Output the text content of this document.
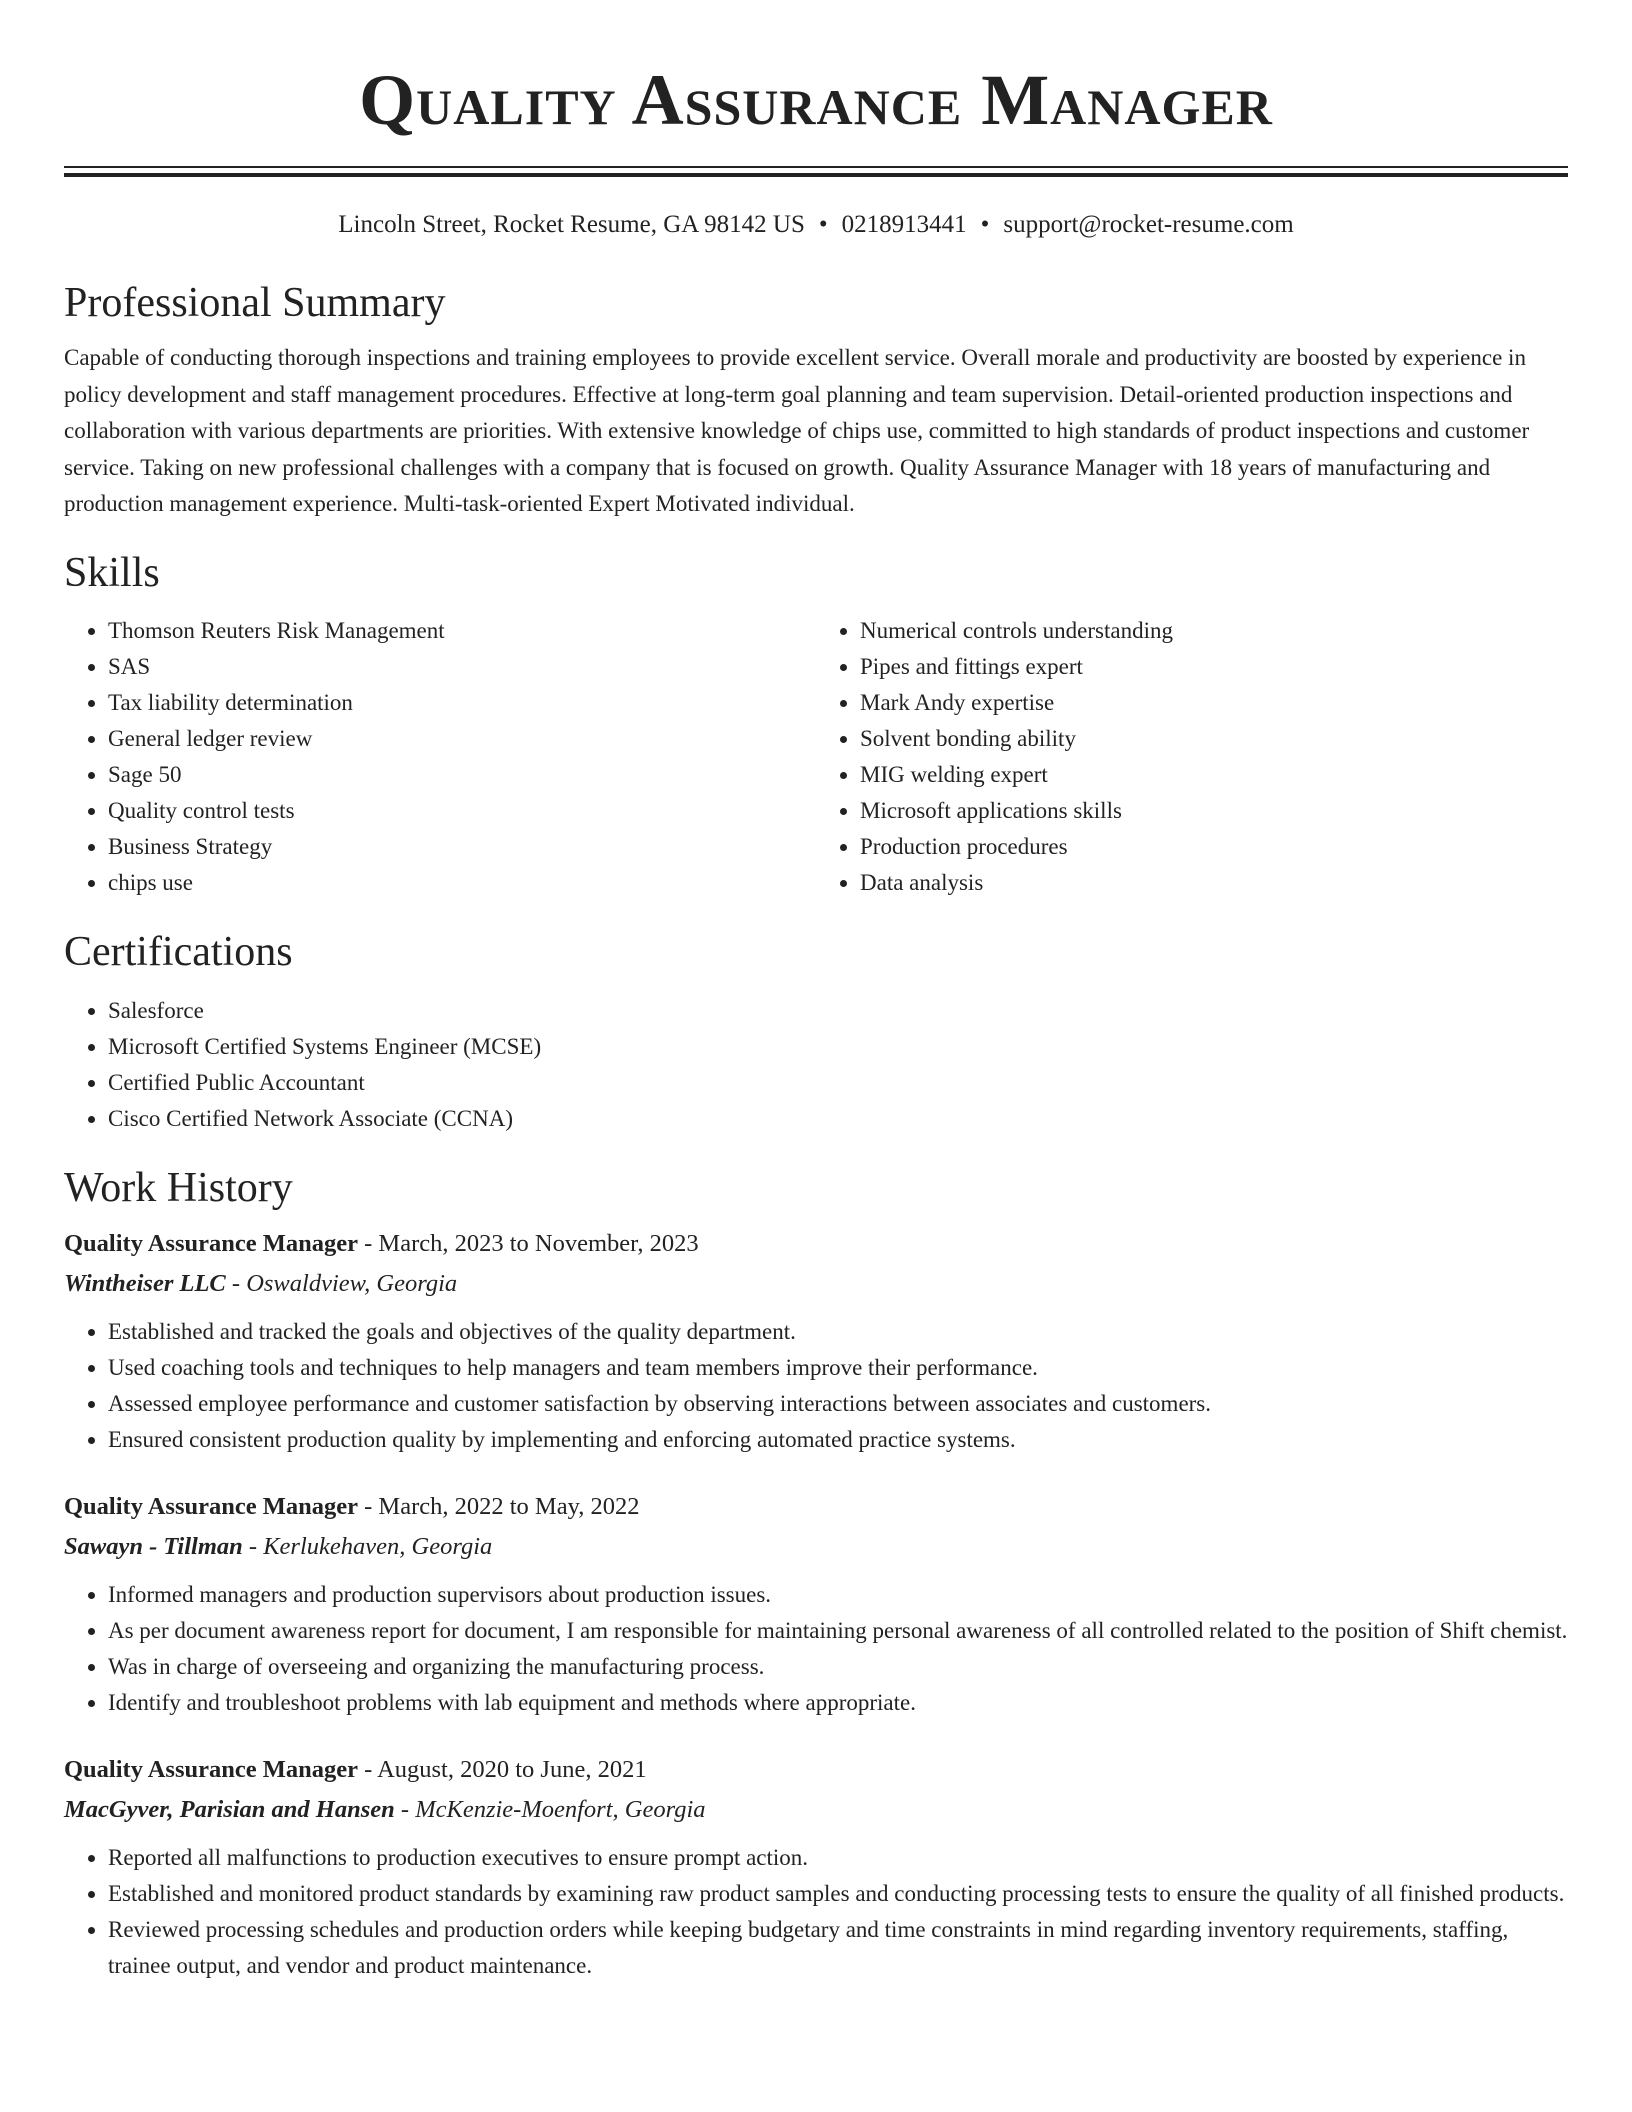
Quality Assurance Manager
Lincoln Street, Rocket Resume, GA 98142 US • 0218913441 • support@rocket-resume.com
Professional Summary

Capable of conducting thorough inspections and training employees to provide excellent service. Overall morale and productivity are boosted by experience in policy development and staff management procedures. Effective at long-term goal planning and team supervision. Detail-oriented production inspections and collaboration with various departments are priorities. With extensive knowledge of chips use, committed to high standards of product inspections and customer service. Taking on new professional challenges with a company that is focused on growth. Quality Assurance Manager with 18 years of manufacturing and production management experience. Multi-task-oriented Expert Motivated individual.

Skills
• Thomson Reuters Risk Management
• SAS
• Tax liability determination
• General ledger review
• Sage 50
• Quality control tests
• Business Strategy
• chips use
• Numerical controls understanding
• Pipes and fittings expert
• Mark Andy expertise
• Solvent bonding ability
• MIG welding expert
• Microsoft applications skills
• Production procedures
• Data analysis
Certifications
• Salesforce
• Microsoft Certified Systems Engineer (MCSE)
• Certified Public Accountant
• Cisco Certified Network Associate (CCNA)
Work History

Quality Assurance Manager - March, 2023 to November, 2023

Wintheiser LLC - Oswaldview, Georgia

• Established and tracked the goals and objectives of the quality department.
• Used coaching tools and techniques to help managers and team members improve their performance.
• Assessed employee performance and customer satisfaction by observing interactions between associates and customers.
• Ensured consistent production quality by implementing and enforcing automated practice systems.

Quality Assurance Manager - March, 2022 to May, 2022

Sawayn - Tillman - Kerlukehaven, Georgia

• Informed managers and production supervisors about production issues.
• As per document awareness report for document, I am responsible for maintaining personal awareness of all controlled related to the position of Shift chemist.
• Was in charge of overseeing and organizing the manufacturing process.
• Identify and troubleshoot problems with lab equipment and methods where appropriate.

Quality Assurance Manager - August, 2020 to June, 2021

MacGyver, Parisian and Hansen - McKenzie-Moenfort, Georgia

• Reported all malfunctions to production executives to ensure prompt action.
• Established and monitored product standards by examining raw product samples and conducting processing tests to ensure the quality of all finished products.
• Reviewed processing schedules and production orders while keeping budgetary and time constraints in mind regarding inventory requirements, staffing, trainee output, and vendor and product maintenance.
